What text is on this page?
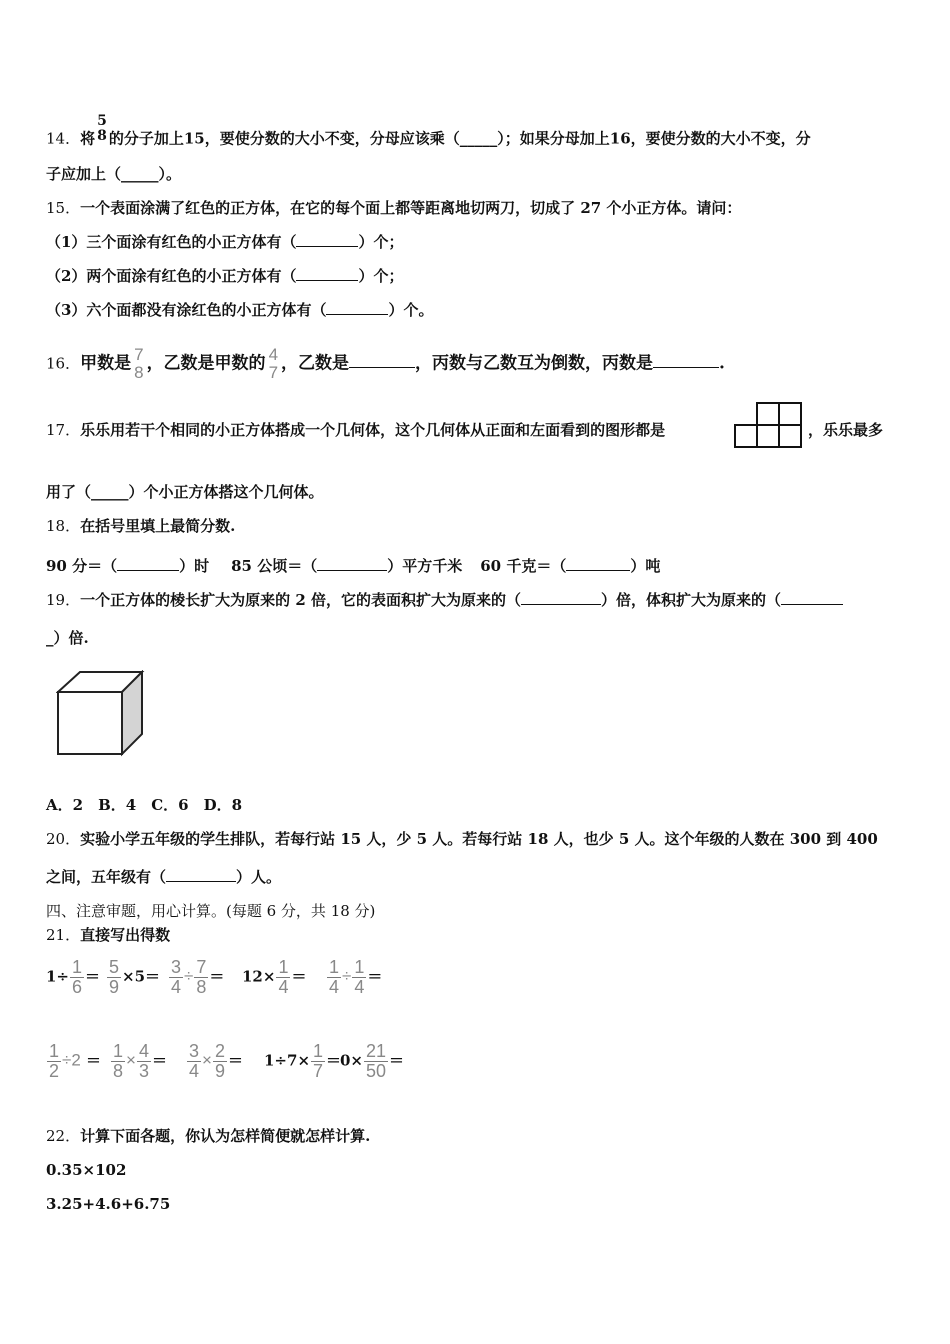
14．将
5
8 的分子加上15，要使分数的大小不变，分母应该乘（_____）；如果分母加上16，要使分数的大小不变，分
子应加上（_____）。
15．一个表面涂满了红色的正方体，在它的每个面上都等距离地切两刀，切成了 27 个小正方体。请问：
（1）三个面涂有红色的小正方体有（	）个；
（2）两个面涂有红色的小正方体有（	）个；
（3）六个面都没有涂红色的小正方体有（	）个。
16．甲数是 7
8 ，乙数是甲数的 4
7 ，乙数是	，丙数与乙数互为倒数，丙数是	.
17．乐乐用若干个相同的小正方体搭成一个几何体，这个几何体从正面和左面看到的图形都是	，乐乐最多
用了（_____）个小正方体搭这个几何体。
18．在括号里填上最简分数.
90 分＝（	）时 85 公顷＝（	）平方千米 60 千克＝（	）吨
19．一个正方体的棱长扩大为原来的 2 倍，它的表面积扩大为原来的（	）倍，体积扩大为原来的（
_）倍.
A．2　B．4　C．6　D．8
20．实验小学五年级的学生排队，若每行站 15 人，少 5 人。若每行站 18 人，也少 5 人。这个年级的人数在 300 到 400
之间，五年级有（	）人。
四、注意审题，用心计算。(每题 6 分，共 18 分)
21．直接写出得数
$1\div \frac{1}{6} = \frac{5}{9} \times 5= \frac{3}{4} \div \frac{7}{8} = 12\times \frac{1}{4} = \frac{1}{4} \div \frac{1}{4}$ ＝
$\frac{1}{2} \div 2 = \frac{1}{8} \times \frac{4}{3} = \frac{3}{4} \times \frac{2}{9} = 1\div 7\times \frac{1}{7}$ ＝
$0\times \frac{21}{50}$ ＝
22．计算下面各题，你认为怎样简便就怎样计算.
0.35×102
3.25+4.6+6.75
